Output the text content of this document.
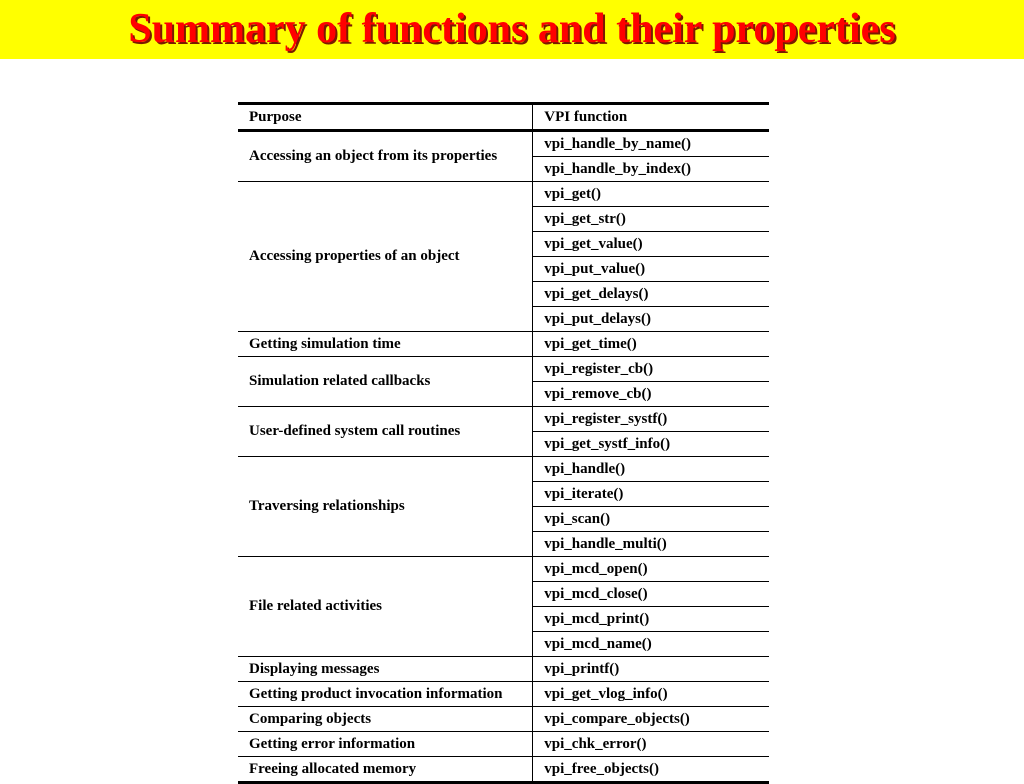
Summary of functions and their properties
Purpose	VPI function
Accessing an object from its properties	vpi_handle_by_name()
	vpi_handle_by_index()
Accessing properties of an object	vpi_get()
	vpi_get_str()
	vpi_get_value()
	vpi_put_value()
	vpi_get_delays()
	vpi_put_delays()
Getting simulation time	vpi_get_time()
Simulation related callbacks	vpi_register_cb()
	vpi_remove_cb()
User-defined system call routines	vpi_register_systf()
	vpi_get_systf_info()
Traversing relationships	vpi_handle()
	vpi_iterate()
	vpi_scan()
	vpi_handle_multi()
File related activities	vpi_mcd_open()
	vpi_mcd_close()
	vpi_mcd_print()
	vpi_mcd_name()
Displaying messages	vpi_printf()
Getting product invocation information	vpi_get_vlog_info()
Comparing objects	vpi_compare_objects()
Getting error information	vpi_chk_error()
Freeing allocated memory	vpi_free_objects()
